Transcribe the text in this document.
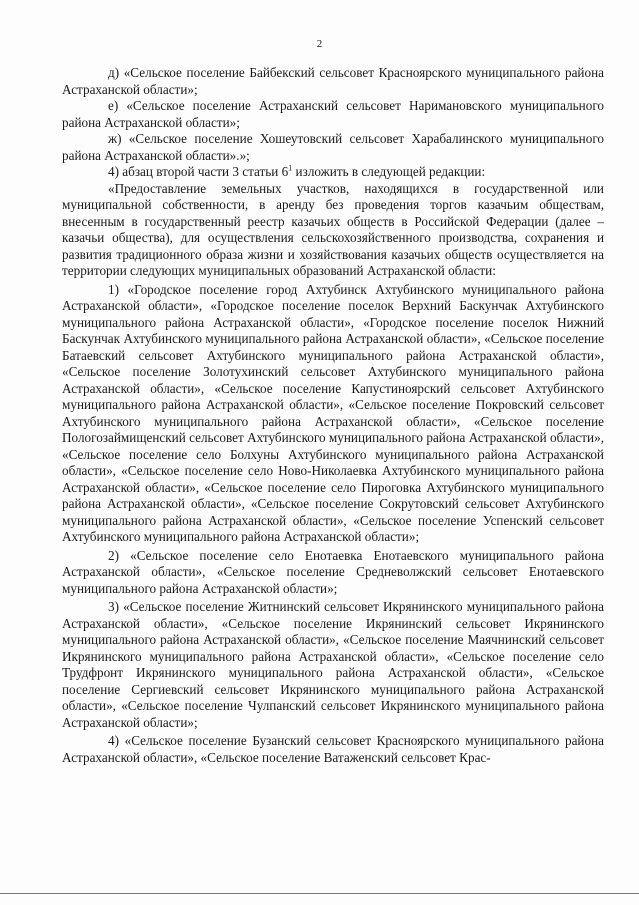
2

д) «Сельское поселение Байбекский сельсовет Красноярского муниципального района Астраханской области»;

е) «Сельское поселение Астраханский сельсовет Наримановского муниципального района Астраханской области»;

ж) «Сельское поселение Хошеутовский сельсовет Харабалинского муниципального района Астраханской области».»;

4) абзац второй части 3 статьи $6^1$ изложить в следующей редакции:

«Предоставление земельных участков, находящихся в государственной или муниципальной собственности, в аренду без проведения торгов казачьим обществам, внесенным в государственный реестр казачьих обществ в Российской Федерации (далее – казачьи общества), для осуществления сельскохозяйственного производства, сохранения и развития традиционного образа жизни и хозяйствования казачьих обществ осуществляется на территории следующих муниципальных образований Астраханской области:

1) «Городское поселение город Ахтубинск Ахтубинского муниципального района Астраханской области», «Городское поселение поселок Верхний Баскунчак Ахтубинского муниципального района Астраханской области», «Городское поселение поселок Нижний Баскунчак Ахтубинского муниципального района Астраханской области», «Сельское поселение Батаевский сельсовет Ахтубинского муниципального района Астраханской области», «Сельское поселение Золотухинский сельсовет Ахтубинского муниципального района Астраханской области», «Сельское поселение Капустиноярский сельсовет Ахтубинского муниципального района Астраханской области», «Сельское поселение Покровский сельсовет Ахтубинского муниципального района Астраханской области», «Сельское поселение Пологозаймищенский сельсовет Ахтубинского муниципального района Астраханской области», «Сельское поселение село Болхуны Ахтубинского муниципального района Астраханской области», «Сельское поселение село Ново-Николаевка Ахтубинского муниципального района Астраханской области», «Сельское поселение село Пироговка Ахтубинского муниципального района Астраханской области», «Сельское поселение Сокрутовский сельсовет Ахтубинского муниципального района Астраханской области», «Сельское поселение Успенский сельсовет Ахтубинского муниципального района Астраханской области»;

2) «Сельское поселение село Енотаевка Енотаевского муниципального района Астраханской области», «Сельское поселение Средневолжский сельсовет Енотаевского муниципального района Астраханской области»;

3) «Сельское поселение Житнинский сельсовет Икрянинского муниципального района Астраханской области», «Сельское поселение Икрянинский сельсовет Икрянинского муниципального района Астраханской области», «Сельское поселение Маячнинский сельсовет Икрянинского муниципального района Астраханской области», «Сельское поселение село Трудфронт Икрянинского муниципального района Астраханской области», «Сельское поселение Сергиевский сельсовет Икрянинского муниципального района Астраханской области», «Сельское поселение Чулпанский сельсовет Икрянинского муниципального района Астраханской области»;

4) «Сельское поселение Бузанский сельсовет Красноярского муниципального района Астраханской области», «Сельское поселение Ватаженский сельсовет Крас-
